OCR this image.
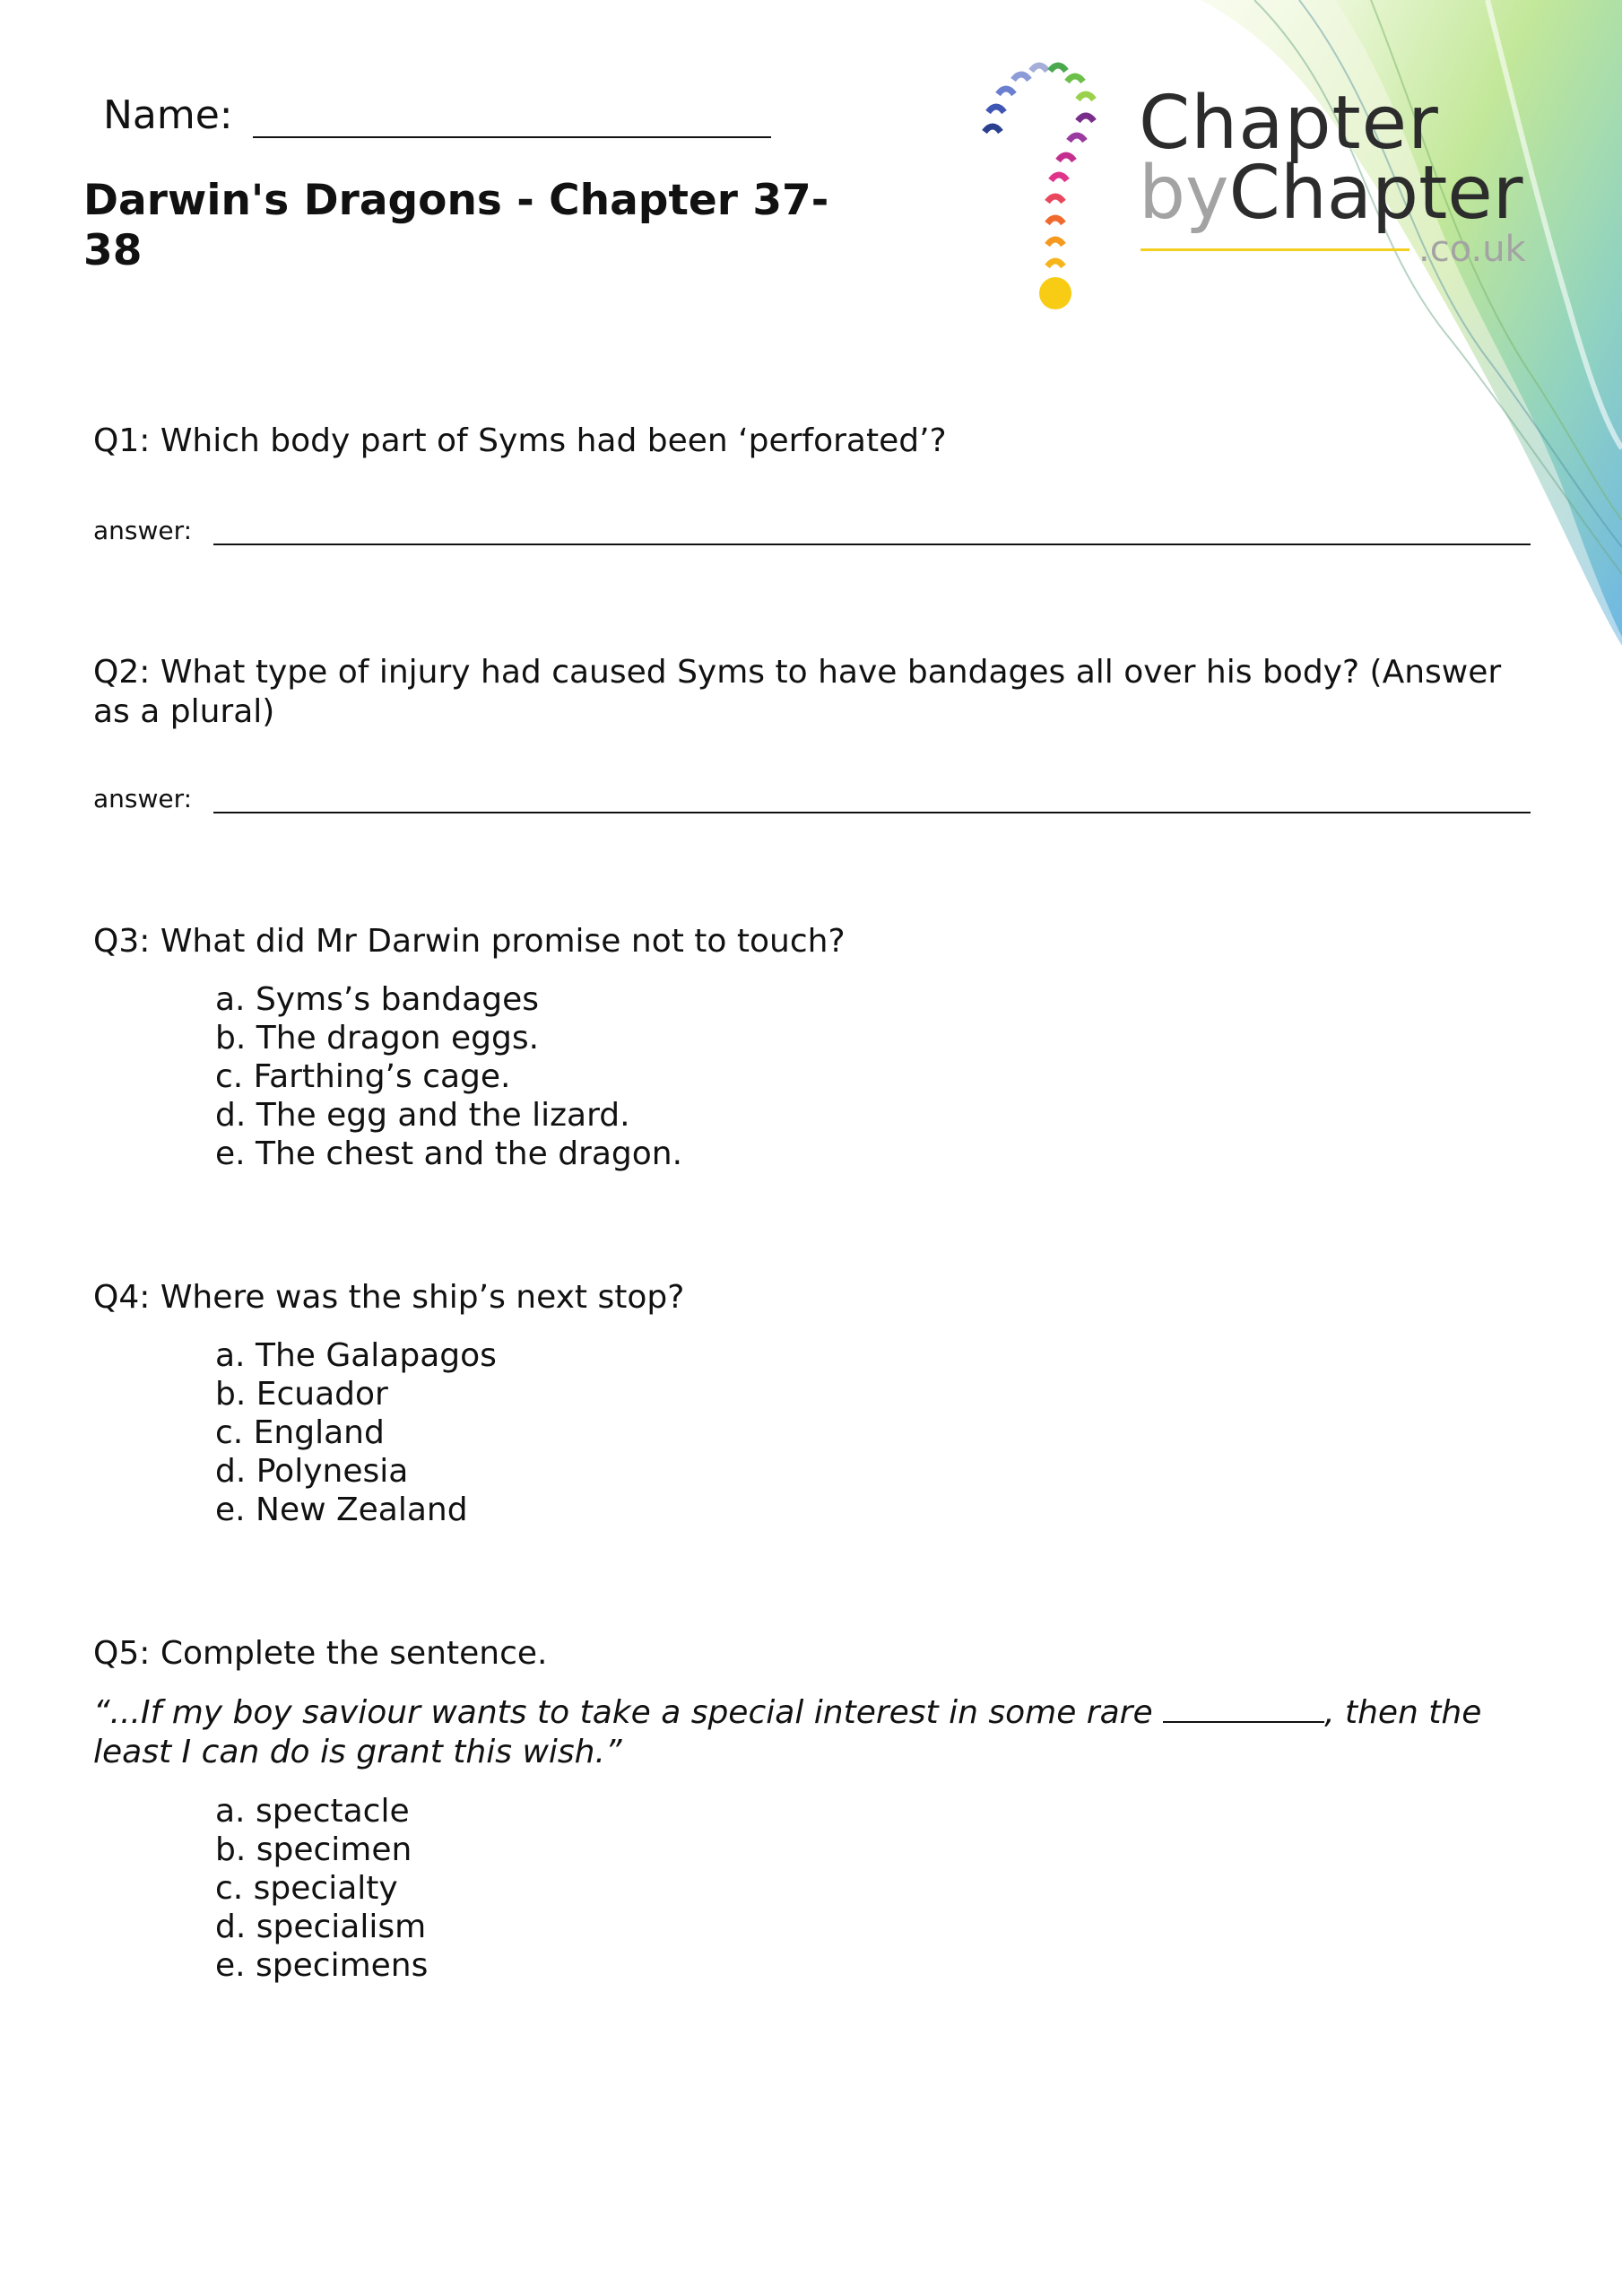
Name:
Darwin's Dragons - Chapter 37-38
Chapter
byChapter
.co.uk

Q1: Which body part of Syms had been ‘perforated’?

answer:

Q2: What type of injury had caused Syms to have bandages all over his body? (Answer as a plural)

answer:

Q3: What did Mr Darwin promise not to touch?

a. Syms’s bandages
b. The dragon eggs.
c. Farthing’s cage.
d. The egg and the lizard.
e. The chest and the dragon.

Q4: Where was the ship’s next stop?

a. The Galapagos
b. Ecuador
c. England
d. Polynesia
e. New Zealand

Q5: Complete the sentence.

“...If my boy saviour wants to take a special interest in some rare	, then the least I can do is grant this wish.”

a. spectacle
b. specimen
c. specialty
d. specialism
e. specimens
